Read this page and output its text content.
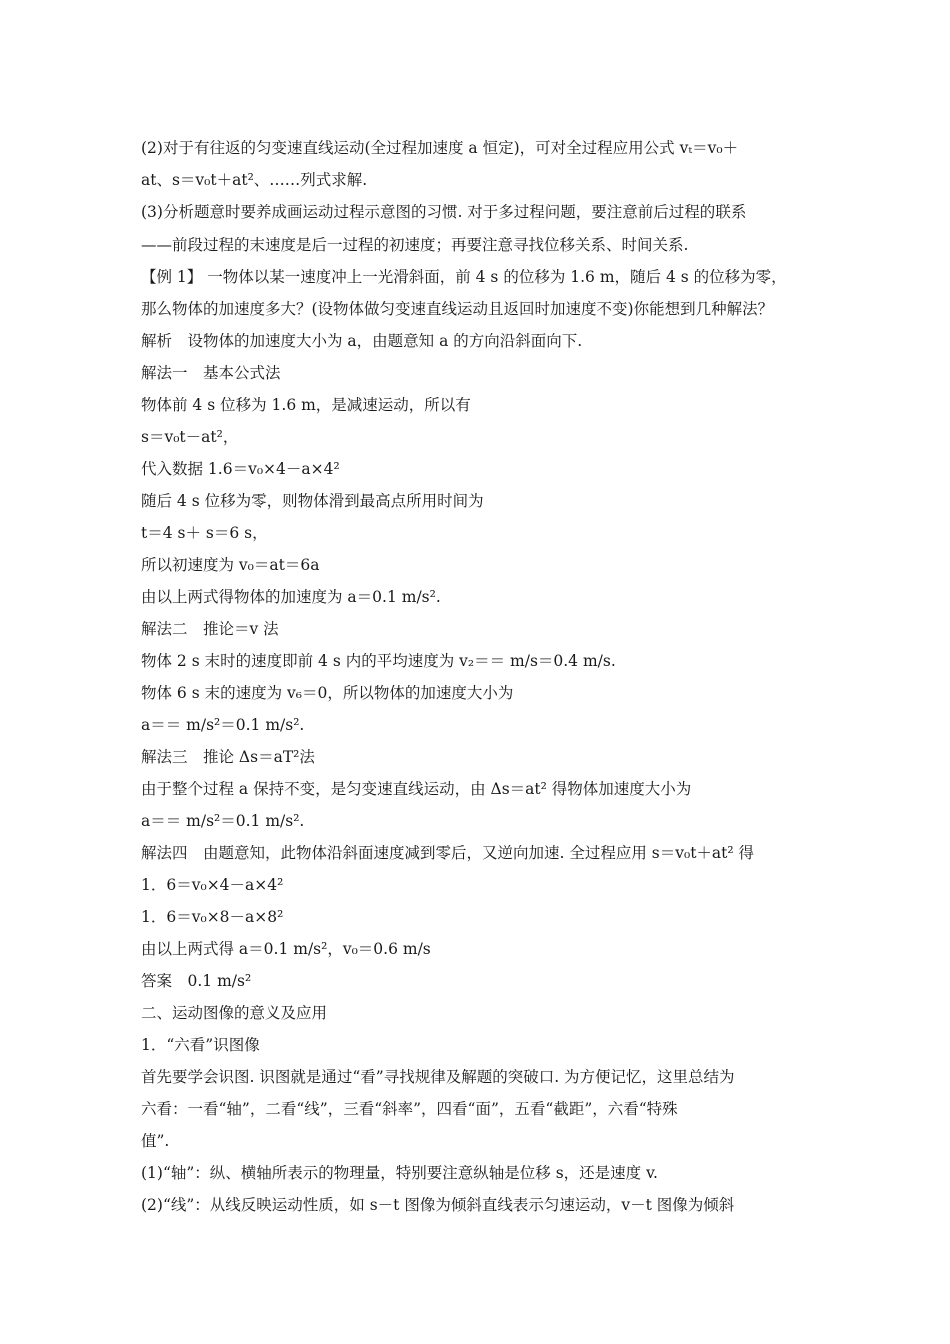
(2)对于有往返的匀变速直线运动(全过程加速度 a 恒定)，可对全过程应用公式 vₜ＝v₀＋
at、s＝v₀t＋at²、……列式求解.
(3)分析题意时要养成画运动过程示意图的习惯. 对于多过程问题，要注意前后过程的联系
——前段过程的末速度是后一过程的初速度；再要注意寻找位移关系、时间关系.
【例 1】 一物体以某一速度冲上一光滑斜面，前 4 s 的位移为 1.6 m，随后 4 s 的位移为零，
那么物体的加速度多大？(设物体做匀变速直线运动且返回时加速度不变)你能想到几种解法？
解析　设物体的加速度大小为 a，由题意知 a 的方向沿斜面向下.
解法一　基本公式法
物体前 4 s 位移为 1.6 m，是减速运动，所以有
s＝v₀t－at²，
代入数据 1.6＝v₀×4－a×4²
随后 4 s 位移为零，则物体滑到最高点所用时间为
t＝4 s＋ s＝6 s，
所以初速度为 v₀＝at＝6a
由以上两式得物体的加速度为 a＝0.1 m/s².
解法二　推论＝v 法
物体 2 s 末时的速度即前 4 s 内的平均速度为 v₂＝＝ m/s＝0.4 m/s.
物体 6 s 末的速度为 v₆＝0，所以物体的加速度大小为
a＝＝ m/s²＝0.1 m/s².
解法三　推论 Δs＝aT²法
由于整个过程 a 保持不变，是匀变速直线运动，由 Δs＝at² 得物体加速度大小为
a＝＝ m/s²＝0.1 m/s².
解法四　由题意知，此物体沿斜面速度减到零后，又逆向加速. 全过程应用 s＝v₀t＋at² 得
1．6＝v₀×4－a×4²
1．6＝v₀×8－a×8²
由以上两式得 a＝0.1 m/s²，v₀＝0.6 m/s
答案　0.1 m/s²
二、运动图像的意义及应用
1．“六看”识图像
首先要学会识图. 识图就是通过“看”寻找规律及解题的突破口. 为方便记忆，这里总结为
六看：一看“轴”，二看“线”，三看“斜率”，四看“面”，五看“截距”，六看“特殊
值”.
(1)“轴”：纵、横轴所表示的物理量，特别要注意纵轴是位移 s，还是速度 v.
(2)“线”：从线反映运动性质，如 s－t 图像为倾斜直线表示匀速运动，v－t 图像为倾斜
